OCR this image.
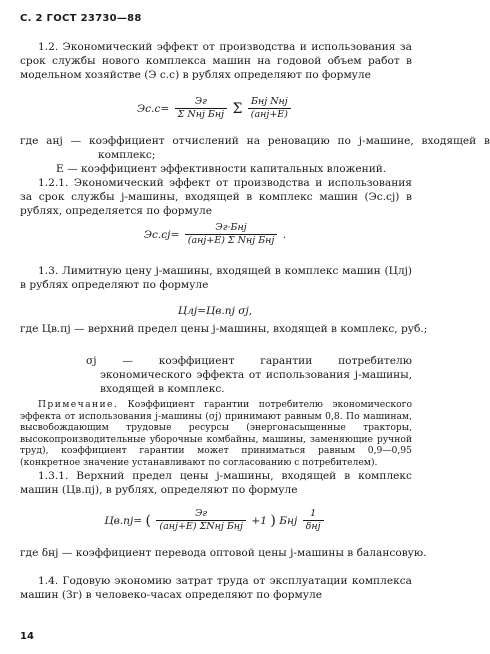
С. 2 ГОСТ 23730—88
1.2. Экономический эффект от производства и использования за срок службы нового комплекса машин на годовой объем работ в модельном хозяйстве (Э с.с) в рублях определяют по формуле
$Эс.с= \frac{Эг}{\text{Σ Nнj Бнj}}$ Σ $\frac{\text{Бнj Nнj}}{\text{(aнj+E)}}$
где aнj — коэффициент отчислений на реновацию по j-машине, входящей в комплекс;
E — коэффициент эффективности капитальных вложений.
1.2.1. Экономический эффект от производства и использования за срок службы j-машины, входящей в комплекс машин (Эс.сj) в рублях, определяется по формуле
$Эс.сj= \frac{\text{Эг·Бнj}}{\text{(aнj+E) Σ Nнj Бнj}}$ .
1.3. Лимитную цену j-машины, входящей в комплекс машин (Цлj) в рублях определяют по формуле
Цлj=Цв.пj σj,
где Цв.пj — верхний предел цены j-машины, входящей в комплекс, руб.;
σj — коэффициент гарантии потребителю экономического эффекта от использования j-машины, входящей в комплекс.
Примечание. Коэффициент гарантии потребителю экономического эффекта от использования j-машины (σj) принимают равным 0,8. По машинам, высвобождающим трудовые ресурсы (энергонасыщенные тракторы, высокопроизводительные уборочные комбайны, машины, заменяющие ручной труд), коэффициент гарантии может приниматься равным 0,9—0,95 (конкретное значение устанавливают по согласованию с потребителем).
1.3.1. Верхний предел цены j-машины, входящей в комплекс машин (Цв.пj), в рублях, определяют по формуле
Цв.пj= ( $\frac{Эг}{\text{(aнj+E) ΣNнj Бнj}} +1$ ) Бнj $\frac{1}{\text{δнj}}$
где δнj — коэффициент перевода оптовой цены j-машины в балансовую.
1.4. Годовую экономию затрат труда от эксплуатации комплекса машин (Зг) в человеко-часах определяют по формуле
14
